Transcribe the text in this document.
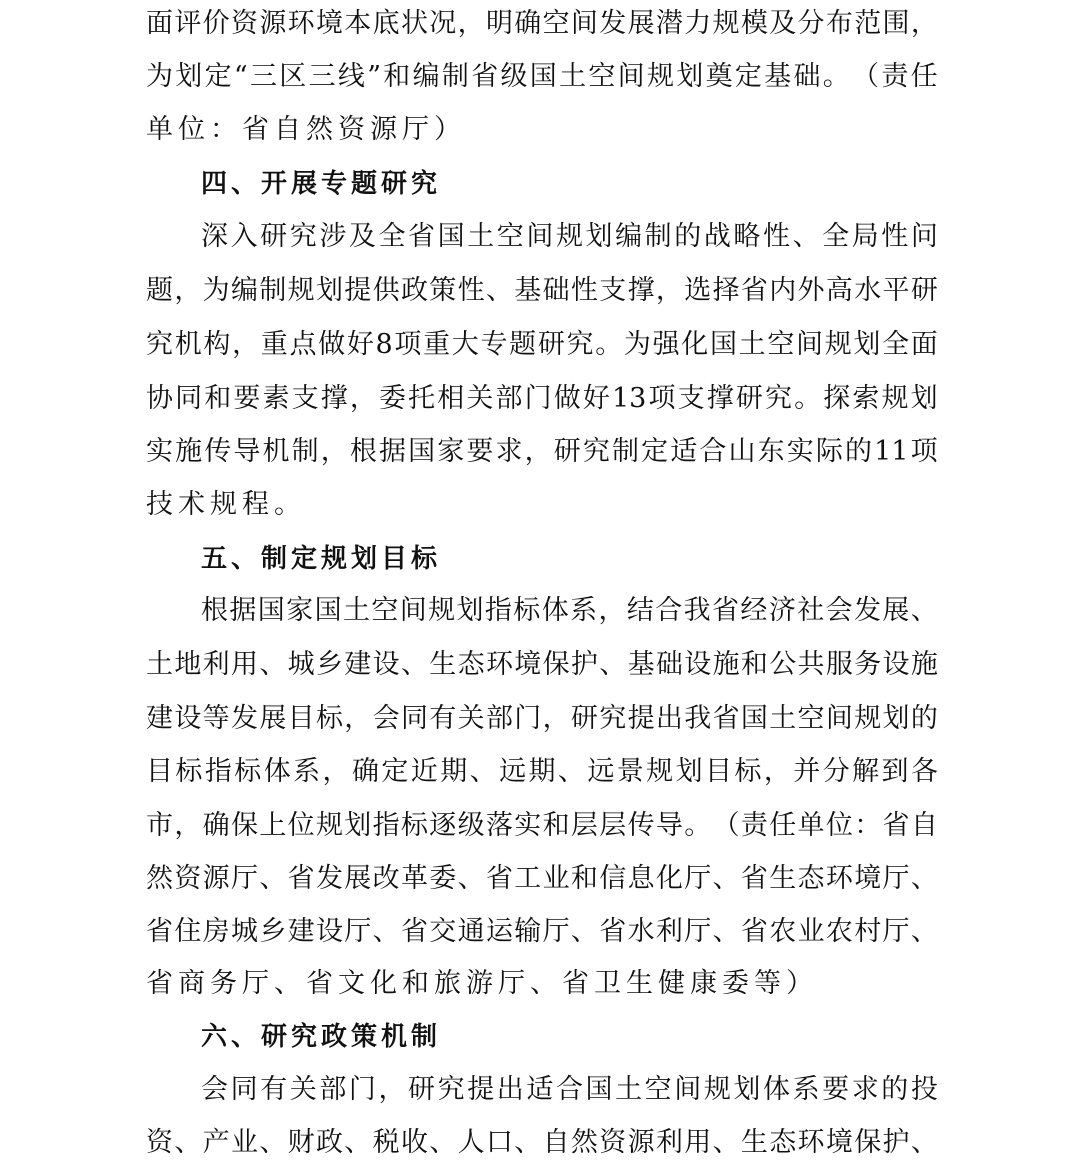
面 评 价 资 源 环 境 本 底 状 况 ， 明 确 空 间 发 展 潜 力 规 模 及 分 布 范 围 ，
为 划 定 “ 三 区 三 线 ” 和 编 制 省 级 国 土 空 间 规 划 奠 定 基 础 。 （ 责 任
单位：省自然资源厅）
四、开展专题研究
深 入 研 究 涉 及 全 省 国 土 空 间 规 划 编 制 的 战 略 性 、 全 局 性 问
题 ， 为 编 制 规 划 提 供 政 策 性 、 基 础 性 支 撑 ， 选 择 省 内 外 高 水 平 研
究 机 构 ， 重 点 做 好 8 项 重 大 专 题 研 究 。 为 强 化 国 土 空 间 规 划 全 面
协 同 和 要 素 支 撑 ， 委 托 相 关 部 门 做 好 13 项 支 撑 研 究 。 探 索 规 划
实 施 传 导 机 制 ， 根 据 国 家 要 求 ， 研 究 制 定 适 合 山 东 实 际 的 11 项
技术规程。
五、制定规划目标
根 据 国 家 国 土 空 间 规 划 指 标 体 系 ， 结 合 我 省 经 济 社 会 发 展 、
土 地 利 用 、 城 乡 建 设 、 生 态 环 境 保 护 、 基 础 设 施 和 公 共 服 务 设 施
建 设 等 发 展 目 标 ， 会 同 有 关 部 门 ， 研 究 提 出 我 省 国 土 空 间 规 划 的
目 标 指 标 体 系 ， 确 定 近 期 、 远 期 、 远 景 规 划 目 标 ， 并 分 解 到 各
市 ， 确 保 上 位 规 划 指 标 逐 级 落 实 和 层 层 传 导 。 （ 责 任 单 位 ： 省 自
然 资 源 厅 、 省 发 展 改 革 委 、 省 工 业 和 信 息 化 厅 、 省 生 态 环 境 厅 、
省 住 房 城 乡 建 设 厅 、 省 交 通 运 输 厅 、 省 水 利 厅 、 省 农 业 农 村 厅 、
省商务厅、省文化和旅游厅、省卫生健康委等）
六、研究政策机制
会 同 有 关 部 门 ， 研 究 提 出 适 合 国 土 空 间 规 划 体 系 要 求 的 投
资 、 产 业 、 财 政 、 税 收 、 人 口 、 自 然 资 源 利 用 、 生 态 环 境 保 护 、
